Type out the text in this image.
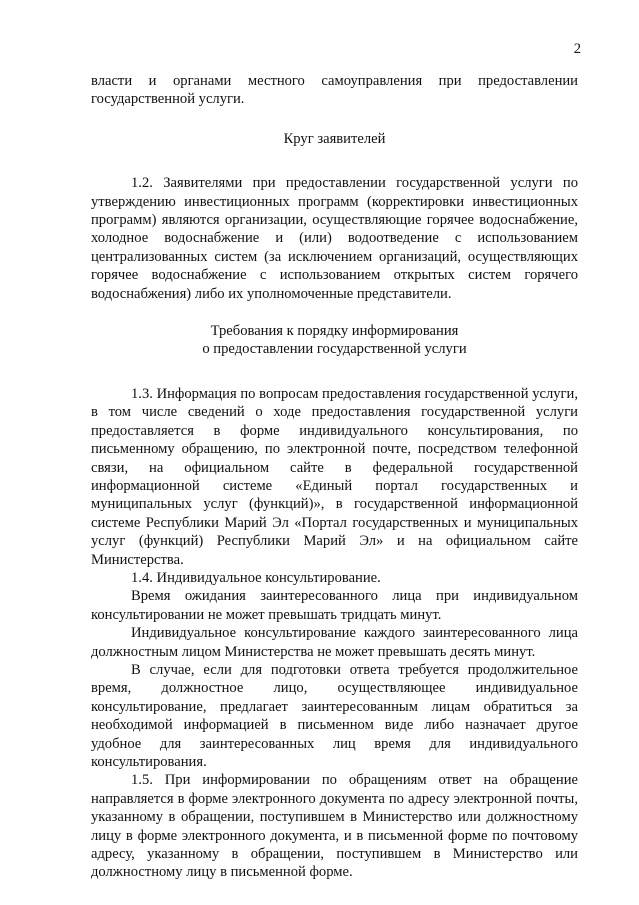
2

власти и органами местного самоуправления при предоставлении государственной услуги.

Круг заявителей

1.2. Заявителями при предоставлении государственной услуги по утверждению инвестиционных программ (корректировки инвестиционных программ) являются организации, осуществляющие горячее водоснабжение, холодное водоснабжение и (или) водоотведение с использованием централизованных систем (за исключением организаций, осуществляющих горячее водоснабжение с использованием открытых систем горячего водоснабжения) либо их уполномоченные представители.

Требования к порядку информирования
о предоставлении государственной услуги

1.3. Информация по вопросам предоставления государственной услуги, в том числе сведений о ходе предоставления государственной услуги предоставляется в форме индивидуального консультирования, по письменному обращению, по электронной почте, посредством телефонной связи, на официальном сайте в федеральной государственной информационной системе «Единый портал государственных и муниципальных услуг (функций)», в государственной информационной системе Республики Марий Эл «Портал государственных и муниципальных услуг (функций) Республики Марий Эл» и на официальном сайте Министерства.

1.4. Индивидуальное консультирование.

Время ожидания заинтересованного лица при индивидуальном консультировании не может превышать тридцать минут.

Индивидуальное консультирование каждого заинтересованного лица должностным лицом Министерства не может превышать десять минут.

В случае, если для подготовки ответа требуется продолжительное время, должностное лицо, осуществляющее индивидуальное консультирование, предлагает заинтересованным лицам обратиться за необходимой информацией в письменном виде либо назначает другое удобное для заинтересованных лиц время для индивидуального консультирования.

1.5. При информировании по обращениям ответ на обращение направляется в форме электронного документа по адресу электронной почты, указанному в обращении, поступившем в Министерство или должностному лицу в форме электронного документа, и в письменной форме по почтовому адресу, указанному в обращении, поступившем в Министерство или должностному лицу в письменной форме.
